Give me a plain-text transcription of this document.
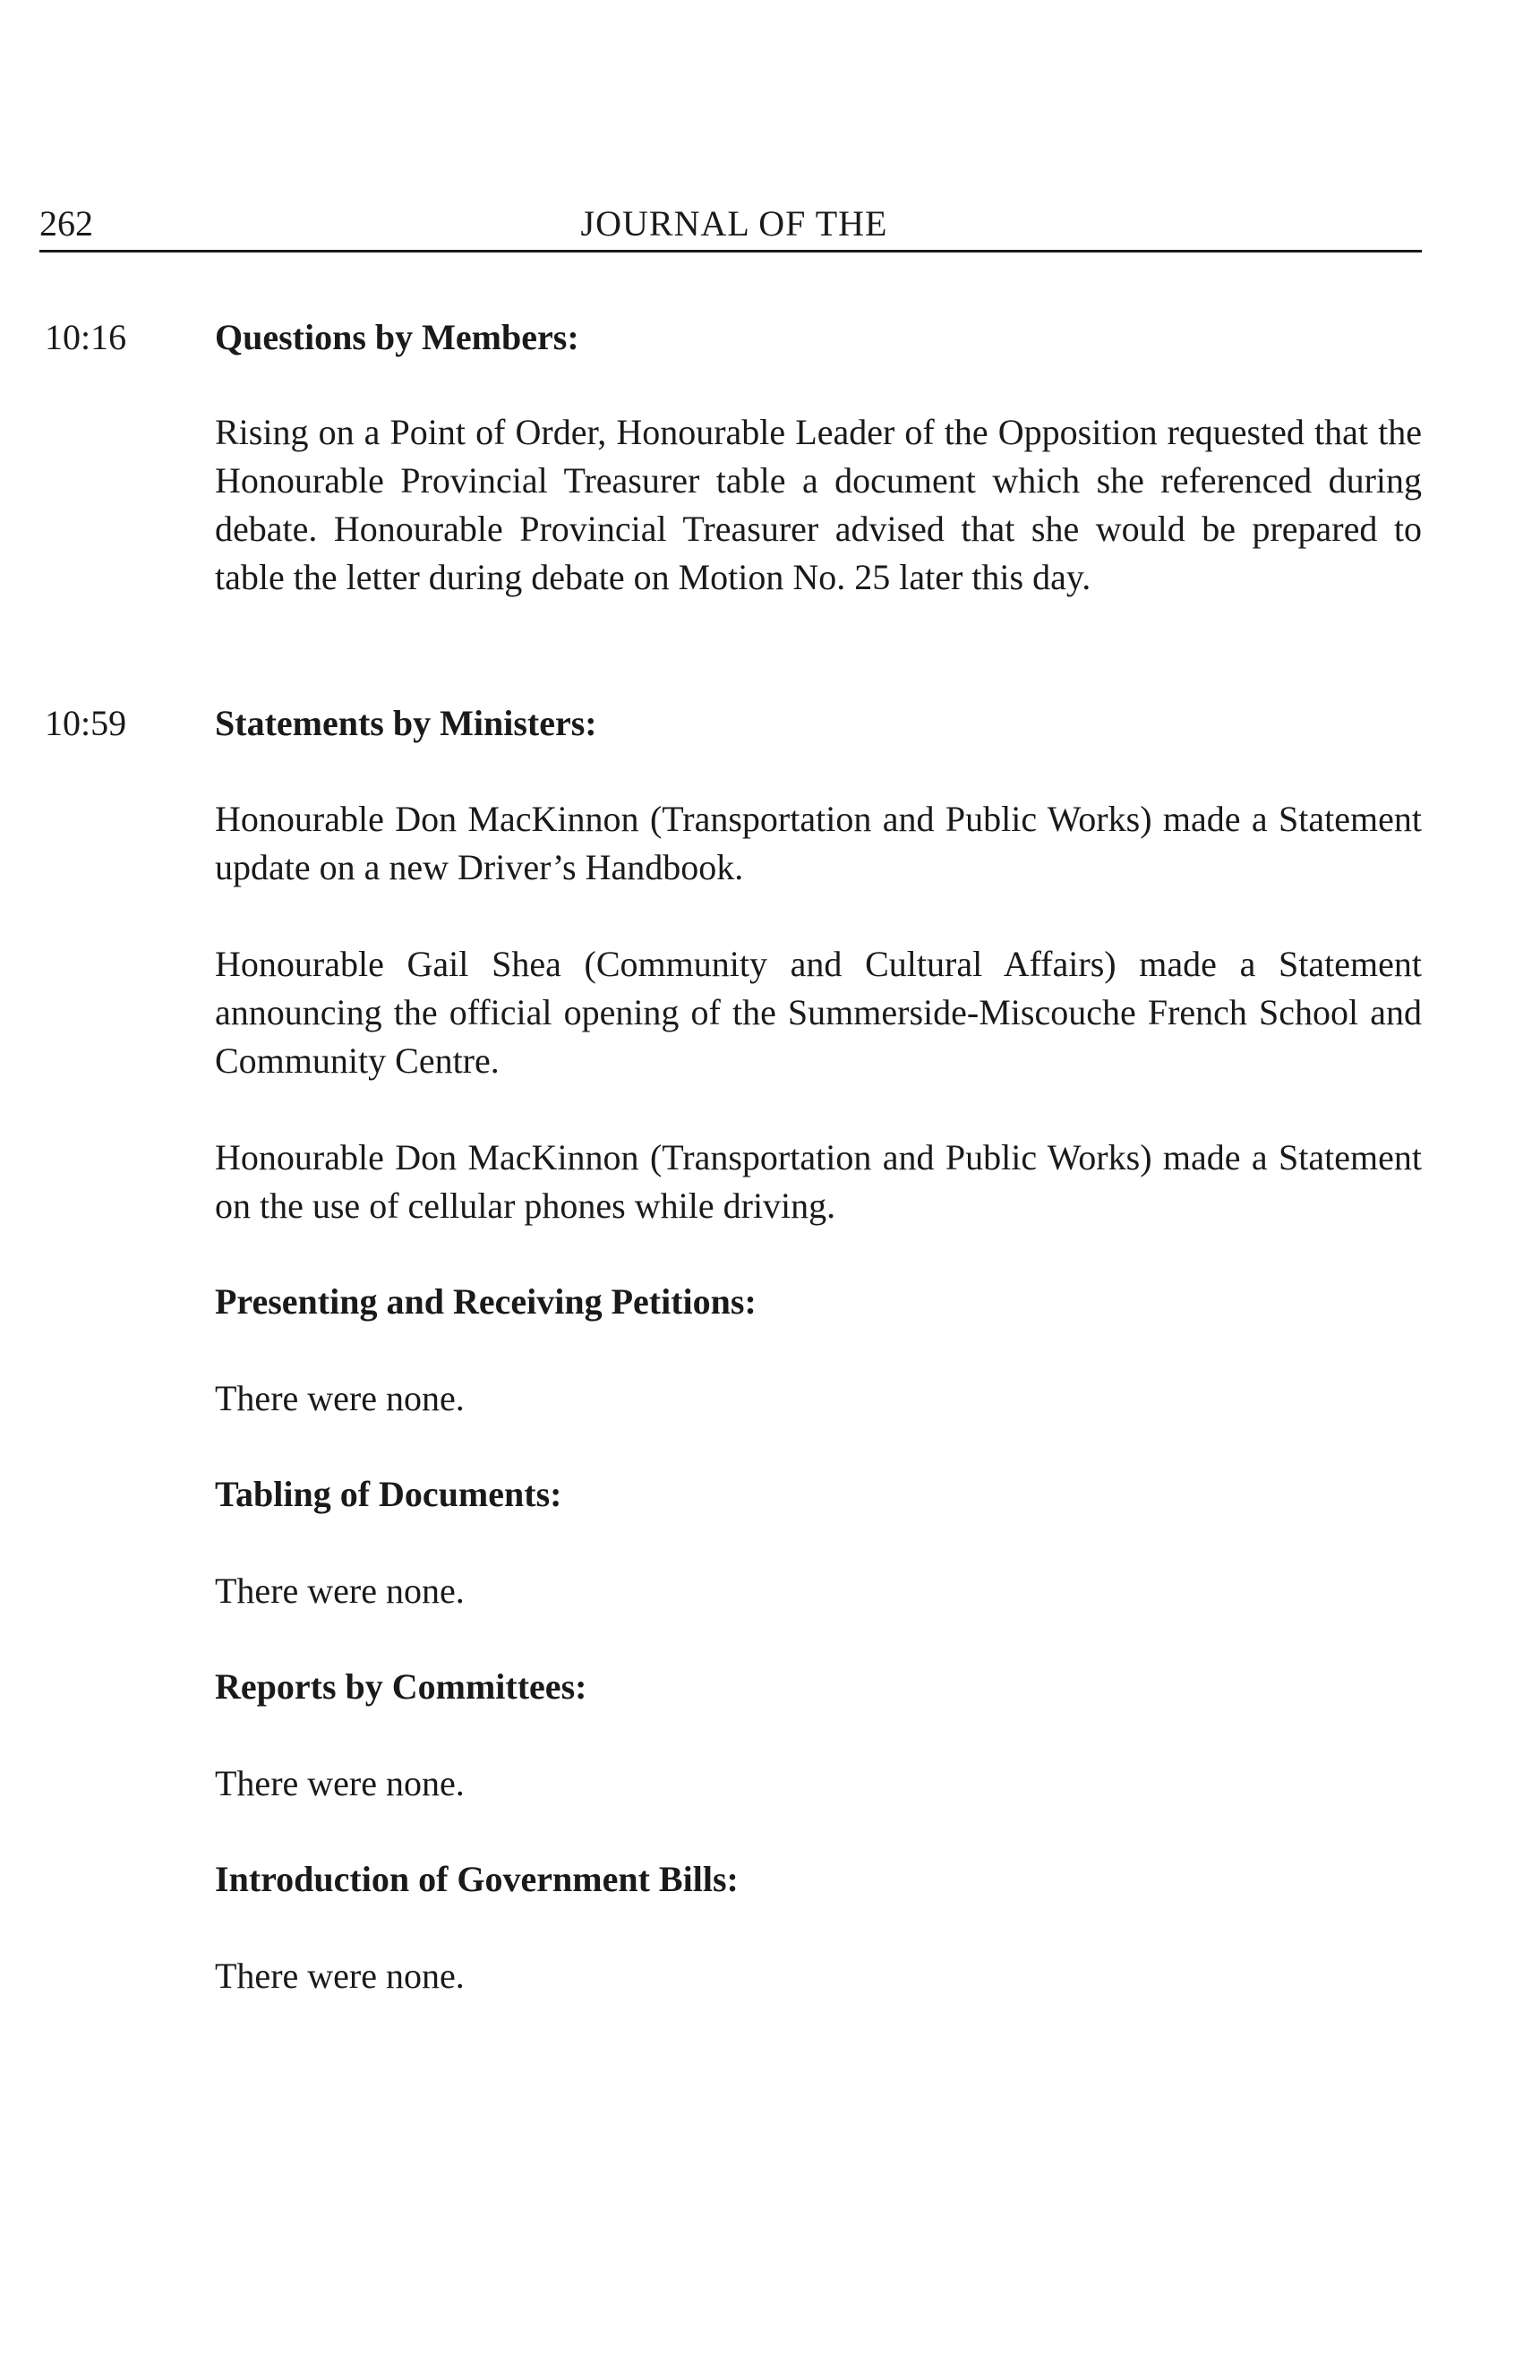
262	JOURNAL OF THE
10:16 Questions by Members:

Rising on a Point of Order, Honourable Leader of the Opposition requested that the Honourable Provincial Treasurer table a document which she referenced during debate. Honourable Provincial Treasurer advised that she would be prepared to table the letter during debate on Motion No. 25 later this day.

10:59 Statements by Ministers:

Honourable Don MacKinnon (Transportation and Public Works) made a Statement update on a new Driver’s Handbook.

Honourable Gail Shea (Community and Cultural Affairs) made a Statement announcing the official opening of the Summerside-Miscouche French School and Community Centre.

Honourable Don MacKinnon (Transportation and Public Works) made a Statement on the use of cellular phones while driving.

Presenting and Receiving Petitions:

There were none.

Tabling of Documents:

There were none.

Reports by Committees:

There were none.

Introduction of Government Bills:

There were none.
